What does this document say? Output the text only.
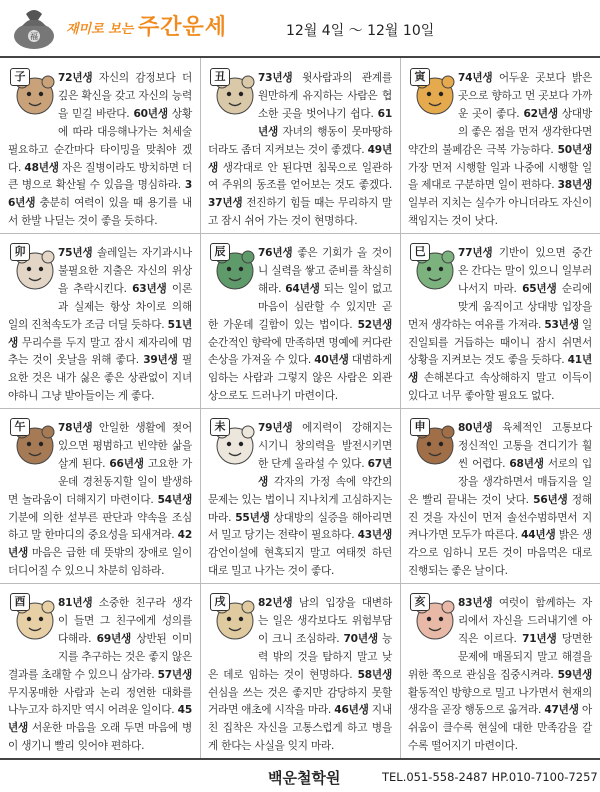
福 재미로 보는 주간운세	12월 4일 ～ 12월 10일
72년생 자신의 감정보다 더 깊은 확신을 갖고 자신의 능력을 믿길 바란다. 60년생 상황에 따라 대응해나가는 처세술 필요하고 순간마다 타이밍을 맞춰야 겠다. 48년생 자은 질병이라도 방치하면 더 큰 병으로 확산될 수 있음을 명심하라. 36년생 충분히 여력이 있을 때 용기를 내서 한발 나딛는 것이 좋을 듯하다.
子	73년생 윗사람과의 관계를 원만하게 유지하는 사람은 협소한 곳을 벗어나기 쉽다. 61년생 자녀의 행동이 못마땅하더라도 좀더 지켜보는 것이 좋겠다. 49년생 생각대로 안 된다면 침묵으로 일관하여 주위의 동조를 얻어보는 것도 좋겠다. 37년생 전진하기 힘들 때는 무리하지 말고 잠시 쉬어 가는 것이 현명하다.
丑	74년생 어두운 곳보다 밝은 곳으로 향하고 먼 곳보다 가까운 곳이 좋다. 62년생 상대방의 좋은 점을 먼저 생각한다면 약간의 불페감은 극복 가능하다. 50년생 가장 먼저 시행할 일과 나중에 시행할 일을 제대로 구분하면 일이 편하다. 38년생 일부러 지치는 실수가 아니더라도 자신이 책임지는 것이 낫다.
寅
75년생 솔레일는 자기과시나 불필요한 지출은 자신의 위상을 추락시킨다. 63년생 이론과 실제는 항상 차이로 의해 일의 진척속도가 조금 더딜 듯하다. 51년생 무리수를 두지 말고 잠시 제자리에 멈추는 것이 옷날을 위해 좋다. 39년생 필요한 것은 내가 싫은 좋은 상관없이 지녀야하니 그냥 받아들이는 게 좋다.
卯	76년생 좋은 기회가 올 것이니 실력을 쌓고 준비를 착실히 해라. 64년생 되는 일이 없고 마음이 심란할 수 있지만 곧 한 가운데 길함이 있는 법이다. 52년생 순간적인 향락에 만족하면 명예에 커다란 손상을 가져올 수 있다. 40년생 대범하게 임하는 사람과 그렇지 않은 사람은 외관상으로도 드러나기 마련이다.
辰	77년생 기반이 있으면 중간은 간다는 말이 있으니 일부러 나서지 마라. 65년생 순리에 맞게 움직이고 상대방 입장을 먼저 생각하는 여유를 가져라. 53년생 일진일퇴를 거듭하는 때이니 잠시 쉬면서 상황을 지켜보는 것도 좋을 듯하다. 41년생 손해본다고 속상해하지 말고 이득이 있다고 너무 좋아할 필요도 없다.
巳
78년생 안일한 생활에 젖어 있으면 평범하고 빈약한 삶을 살게 된다. 66년생 고요한 가운데 경천동지할 일이 발생하면 놀라움이 더해지기 마련이다. 54년생 기분에 의한 섣부른 판단과 약속을 조심하고 말 한마디의 중요성을 되새겨라. 42년생 마음은 급한 데 뜻밖의 장애로 일이 더디어질 수 있으니 차분히 임하라.
午	79년생 에지력이 강해지는 시기니 창의력을 발전시키면 한 단계 올라설 수 있다. 67년생 각자의 가정 속에 약간의 문제는 있는 법이니 지나치게 고심하지는 마라. 55년생 상대방의 실증을 해아리면서 밀고 당기는 전략이 필요하다. 43년생 감언이설에 현혹되지 말고 여태껏 하던 대로 밀고 나가는 것이 좋다.
未	80년생 육체적인 고통보다 정신적인 고통을 견디기가 훨씬 어렵다. 68년생 서로의 입장을 생각하면서 매듭지을 일은 빨리 끝내는 것이 낫다. 56년생 정해진 것을 자신이 먼저 솔선수범하면서 지켜나가면 모두가 따른다. 44년생 밝은 생각으로 임하니 모든 것이 마음먹은 대로 진행되는 좋은 날이다.
申
81년생 소중한 친구라 생각이 들면 그 친구에게 성의를 다해라. 69년생 상반된 이미지를 추구하는 것은 좋지 않은 결과를 초래할 수 있으니 삼가라. 57년생 무지몽매한 사람과 논리 정연한 대화를 나누고자 하지만 역시 어려운 일이다. 45년생 서운한 마음을 오래 두면 마음에 병이 생기니 빨리 잊어야 편하다.
酉	82년생 남의 입장을 대변하는 일은 생각보다도 위험부담이 크니 조심하라. 70년생 능력 밖의 것을 탐하지 말고 낮은 데로 임하는 것이 현명하다. 58년생 쉰심을 쓰는 것은 좋지만 감당하지 못할 거라면 애초에 시작을 마라. 46년생 지내친 집착은 자신을 고통스럽게 하고 병을 게 한다는 사실을 잊지 마라.
戌	83년생 여럿이 함께하는 자리에서 자신을 드러내기엔 아직은 이르다. 71년생 당면한 문제에 매몰되지 말고 해결을 위한 쪽으로 관심을 집중시켜라. 59년생 활동적인 방향으로 밀고 나가면서 현재의 생각을 곧장 행동으로 옮겨라. 47년생 아쉬움이 클수록 현실에 대한 만족감을 갈수록 떨어지기 마련이다.
亥
백운철학원	TEL.051-558-2487 HP.010-7100-7257
